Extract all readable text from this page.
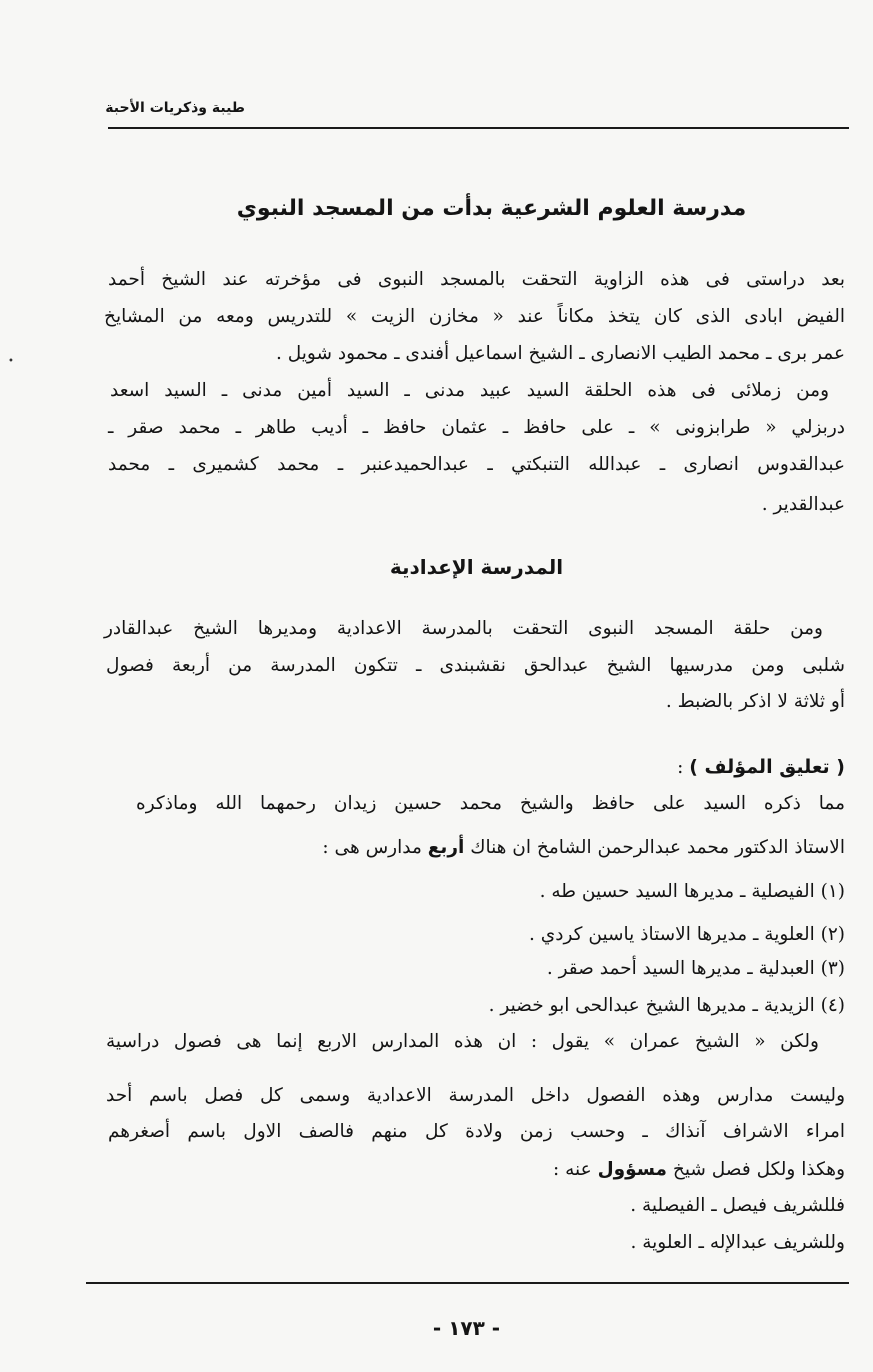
طيبة وذكريات الأحبة
مدرسة العلوم الشرعية بدأت من المسجد النبوي
بعد دراستى فى هذه الزاوية التحقت بالمسجد النبوى فى مؤخرته عند الشيخ أحمد
الفيض ابادى الذى كان يتخذ مكاناً عند « مخازن الزيت » للتدريس ومعه من المشايخ
عمر برى ـ محمد الطيب الانصارى ـ الشيخ اسماعيل أفندى ـ محمود شويل .
ومن زملائى فى هذه الحلقة السيد عبيد مدنى ـ السيد أمين مدنى ـ السيد اسعد
دربزلي « طرابزونى » ـ على حافظ ـ عثمان حافظ ـ أديب طاهر ـ محمد صقر ـ
عبدالقدوس انصارى ـ عبدالله التنبكتي ـ عبدالحميدعنبر ـ محمد كشميرى ـ محمد
عبدالقدير .
المدرسة الإعدادية
ومن حلقة المسجد النبوى التحقت بالمدرسة الاعدادية ومديرها الشيخ عبدالقادر
شلبى ومن مدرسيها الشيخ عبدالحق نقشبندى ـ تتكون المدرسة من أربعة فصول
أو ثلاثة لا اذكر بالضبط .
( تعليق المؤلف ) :
مما ذكره السيد على حافظ والشيخ محمد حسين زيدان رحمهما الله وماذكره
الاستاذ الدكتور محمد عبدالرحمن الشامخ ان هناك أربع مدارس هى :
(١) الفيصلية ـ مديرها السيد حسين طه .
(٢) العلوية ـ مديرها الاستاذ ياسين كردي .
(٣) العبدلية ـ مديرها السيد أحمد صقر .
(٤) الزيدية ـ مديرها الشيخ عبدالحى ابو خضير .
ولكن « الشيخ عمران » يقول : ان هذه المدارس الاربع إنما هى فصول دراسية
وليست مدارس وهذه الفصول داخل المدرسة الاعدادية وسمى كل فصل باسم أحد
امراء الاشراف آنذاك ـ وحسب زمن ولادة كل منهم فالصف الاول باسم أصغرهم
وهكذا ولكل فصل شيخ مسؤول عنه :
فللشريف فيصل ـ الفيصلية .
وللشريف عبدالإله ـ العلوية .
- ١٧٣ -
•
